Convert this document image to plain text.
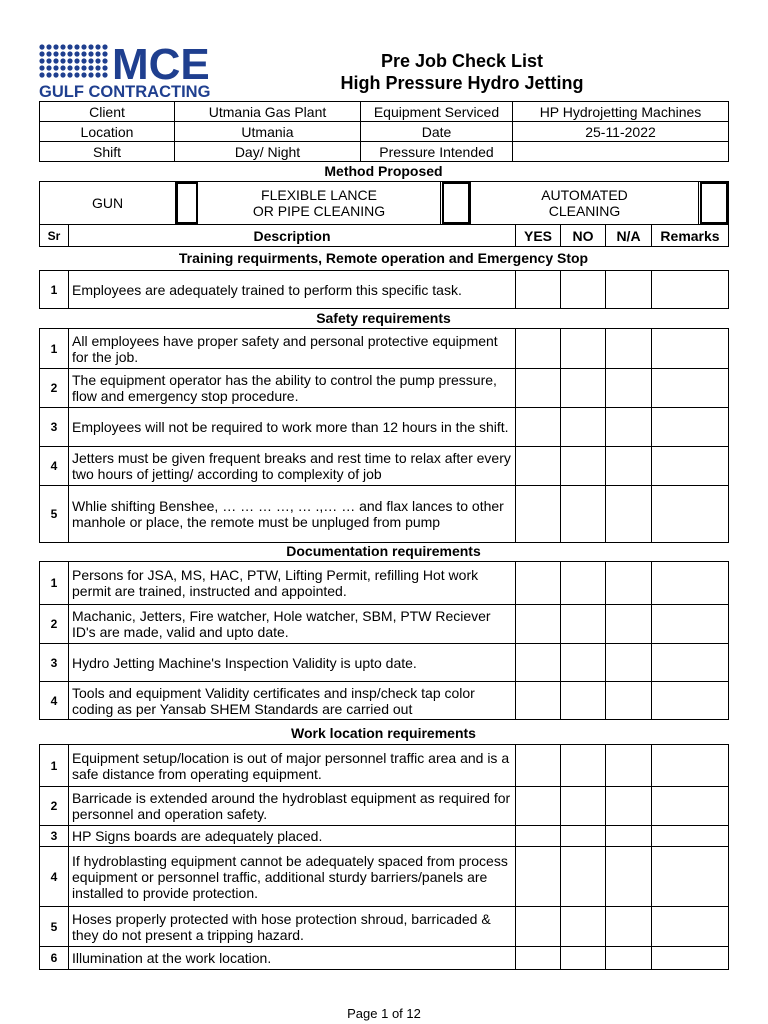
MCE
GULF CONTRACTING
Pre Job Check List
High Pressure Hydro Jetting
Client	Utmania Gas Plant	Equipment Serviced	HP Hydrojetting Machines
Location	Utmania	Date	25-11-2022
Shift	Day/ Night	Pressure Intended	
Method Proposed
GUN		FLEXIBLE LANCE
OR PIPE CLEANING

AUTOMATED
CLEANING

Sr	Description	YES	NO	N/A	Remarks
Training requirments, Remote operation and Emergency Stop
1	Employees are adequately trained to perform this specific task.				
Safety requirements
1	All employees have proper safety and personal protective equipment for the job.				
2	The equipment operator has the ability to control the pump pressure, flow and emergency stop procedure.				
3	Employees will not be required to work more than 12 hours in the shift.				
4	Jetters must be given frequent breaks and rest time to relax after every two hours of jetting/ according to complexity of job				
5	Whlie shifting Benshee, … … … …, … .,… … and flax lances to other manhole or place, the remote must be unpluged from pump				
Documentation requirements
1	Persons for JSA, MS, HAC, PTW, Lifting Permit, refilling Hot work permit are trained, instructed and appointed.				
2	Machanic, Jetters, Fire watcher, Hole watcher, SBM, PTW Reciever ID's are made, valid and upto date.				
3	Hydro Jetting Machine's Inspection Validity is upto date.				
4	Tools and equipment Validity certificates and insp/check tap color coding as per Yansab SHEM Standards are carried out				
Work location requirements
1	Equipment setup/location is out of major personnel traffic area and is a safe distance from operating equipment.				
2	Barricade is extended around the hydroblast equipment as required for personnel and operation safety.				
3	HP Signs boards are adequately placed.				
4	If hydroblasting equipment cannot be adequately spaced from process equipment or personnel traffic, additional sturdy barriers/panels are installed to provide protection.				
5	Hoses properly protected with hose protection shroud, barricaded & they do not present a tripping hazard.				
6	Illumination at the work location.				
Page 1 of 12
